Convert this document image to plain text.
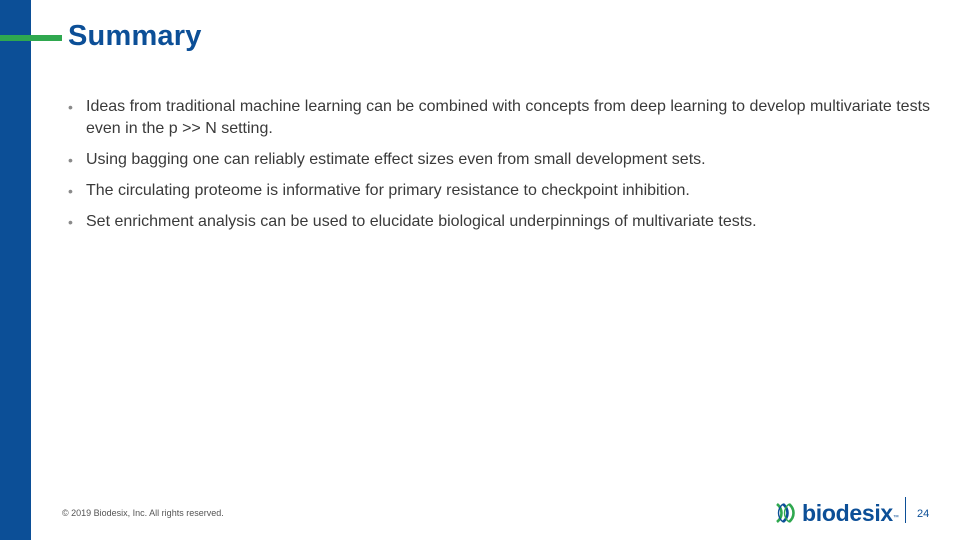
Summary
• Ideas from traditional machine learning can be combined with concepts from deep learning to develop multivariate tests even in the p >> N setting.
• Using bagging one can reliably estimate effect sizes even from small development sets.
• The circulating proteome is informative for primary resistance to checkpoint inhibition.
• Set enrichment analysis can be used to elucidate biological underpinnings of multivariate tests.
© 2019 Biodesix, Inc. All rights reserved.	biodesix ™ 24
